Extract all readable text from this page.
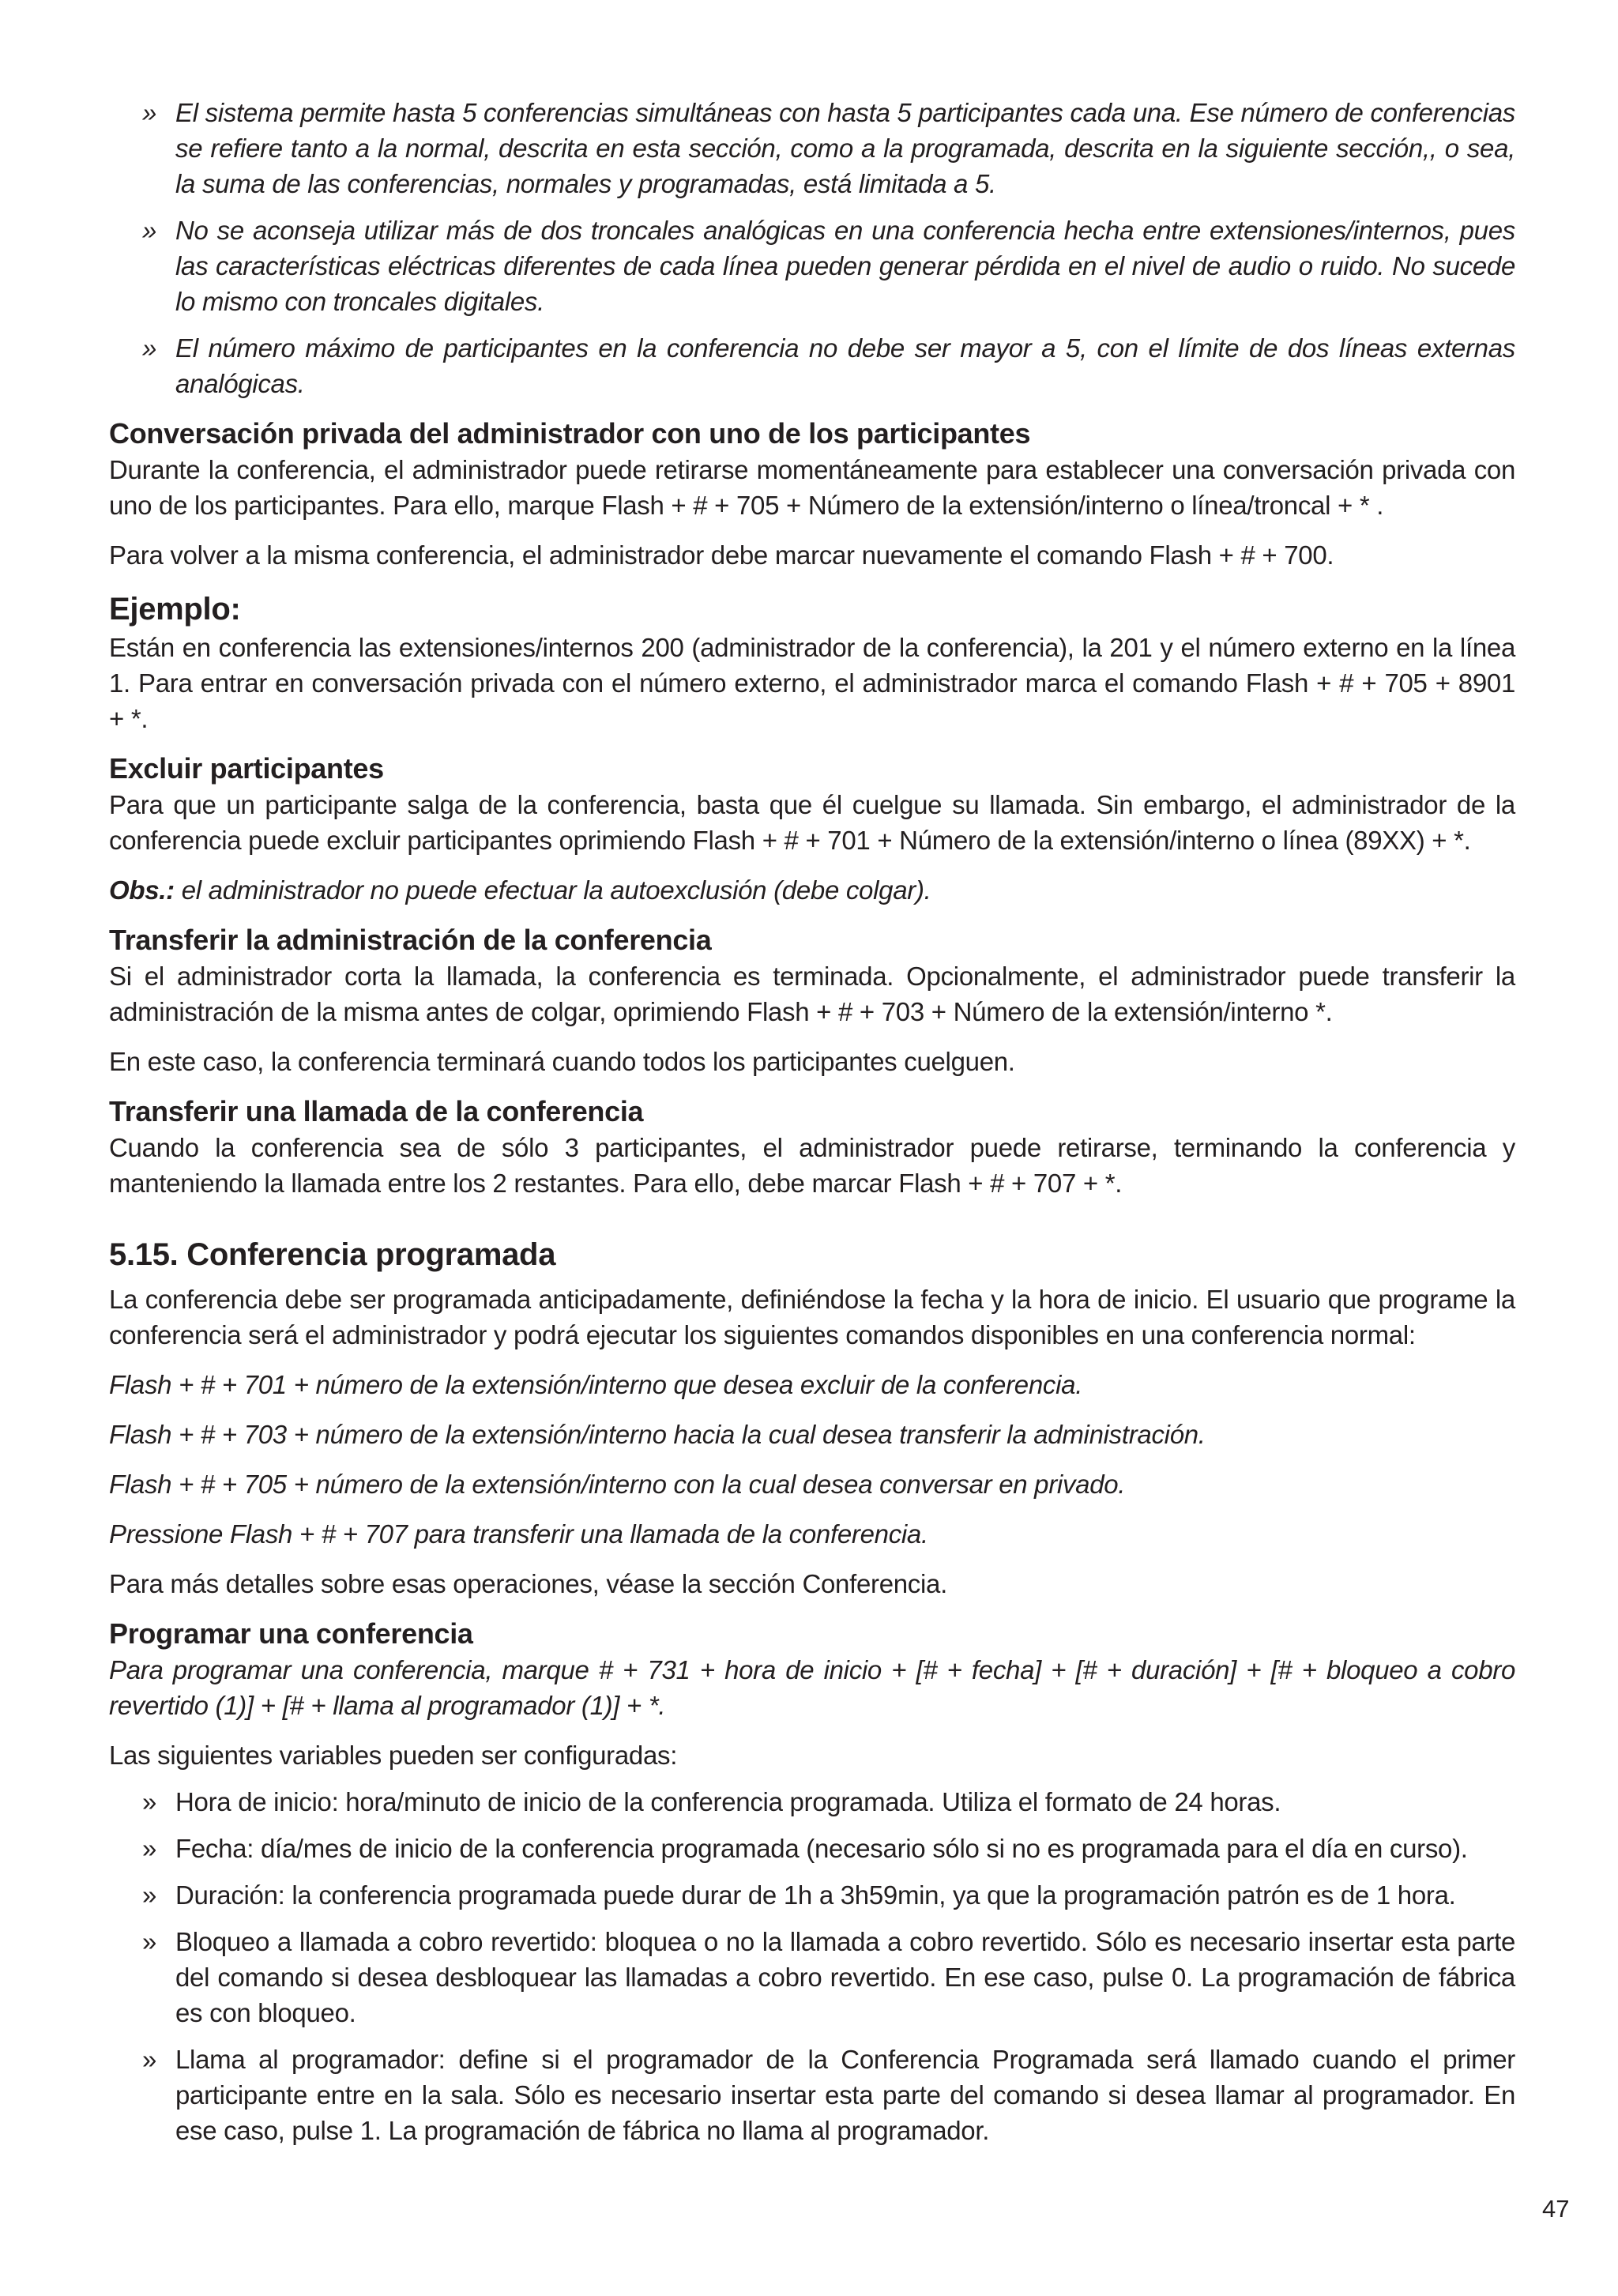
» El sistema permite hasta 5 conferencias simultáneas con hasta 5 participantes cada una. Ese número de conferencias se refiere tanto a la normal, descrita en esta sección, como a la programada, descrita en la siguiente sección,, o sea, la suma de las conferencias, normales y programadas, está limitada a 5.
» No se aconseja utilizar más de dos troncales analógicas en una conferencia hecha entre extensiones/internos, pues las características eléctricas diferentes de cada línea pueden generar pérdida en el nivel de audio o ruido. No sucede lo mismo con troncales digitales.
» El número máximo de participantes en la conferencia no debe ser mayor a 5, con el límite de dos líneas externas analógicas.
Conversación privada del administrador con uno de los participantes

Durante la conferencia, el administrador puede retirarse momentáneamente para establecer una conversación privada con uno de los participantes. Para ello, marque Flash + # + 705 + Número de la extensión/interno o línea/troncal + * .

Para volver a la misma conferencia, el administrador debe marcar nuevamente el comando Flash + # + 700.

Ejemplo:

Están en conferencia las extensiones/internos 200 (administrador de la conferencia), la 201 y el número externo en la línea 1. Para entrar en conversación privada con el número externo, el administrador marca el comando Flash + # + 705 + 8901 + *.

Excluir participantes

Para que un participante salga de la conferencia, basta que él cuelgue su llamada. Sin embargo, el administrador de la conferencia puede excluir participantes oprimiendo Flash + # + 701 + Número de la extensión/interno o línea (89XX) + *.

Obs.: el administrador no puede efectuar la autoexclusión (debe colgar).

Transferir la administración de la conferencia

Si el administrador corta la llamada, la conferencia es terminada. Opcionalmente, el administrador puede transferir la administración de la misma antes de colgar, oprimiendo Flash + # + 703 + Número de la extensión/interno *.

En este caso, la conferencia terminará cuando todos los participantes cuelguen.

Transferir una llamada de la conferencia

Cuando la conferencia sea de sólo 3 participantes, el administrador puede retirarse, terminando la conferencia y manteniendo la llamada entre los 2 restantes. Para ello, debe marcar Flash + # + 707 + *.

5.15. Conferencia programada

La conferencia debe ser programada anticipadamente, definiéndose la fecha y la hora de inicio. El usuario que programe la conferencia será el administrador y podrá ejecutar los siguientes comandos disponibles en una conferencia normal:

Flash + # + 701 + número de la extensión/interno que desea excluir de la conferencia.

Flash + # + 703 + número de la extensión/interno hacia la cual desea transferir la administración.

Flash + # + 705 + número de la extensión/interno con la cual desea conversar en privado.

Pressione Flash + # + 707 para transferir una llamada de la conferencia.

Para más detalles sobre esas operaciones, véase la sección Conferencia.

Programar una conferencia

Para programar una conferencia, marque # + 731 + hora de inicio + [# + fecha] + [# + duración] + [# + bloqueo a cobro revertido (1)] + [# + llama al programador (1)] + *.

Las siguientes variables pueden ser configuradas:

» Hora de inicio: hora/minuto de inicio de la conferencia programada. Utiliza el formato de 24 horas.
» Fecha: día/mes de inicio de la conferencia programada (necesario sólo si no es programada para el día en curso).
» Duración: la conferencia programada puede durar de 1h a 3h59min, ya que la programación patrón es de 1 hora.
» Bloqueo a llamada a cobro revertido: bloquea o no la llamada a cobro revertido. Sólo es necesario insertar esta parte del comando si desea desbloquear las llamadas a cobro revertido. En ese caso, pulse 0. La programación de fábrica es con bloqueo.
» Llama al programador: define si el programador de la Conferencia Programada será llamado cuando el primer participante entre en la sala. Sólo es necesario insertar esta parte del comando si desea llamar al programador. En ese caso, pulse 1. La programación de fábrica no llama al programador.
47
